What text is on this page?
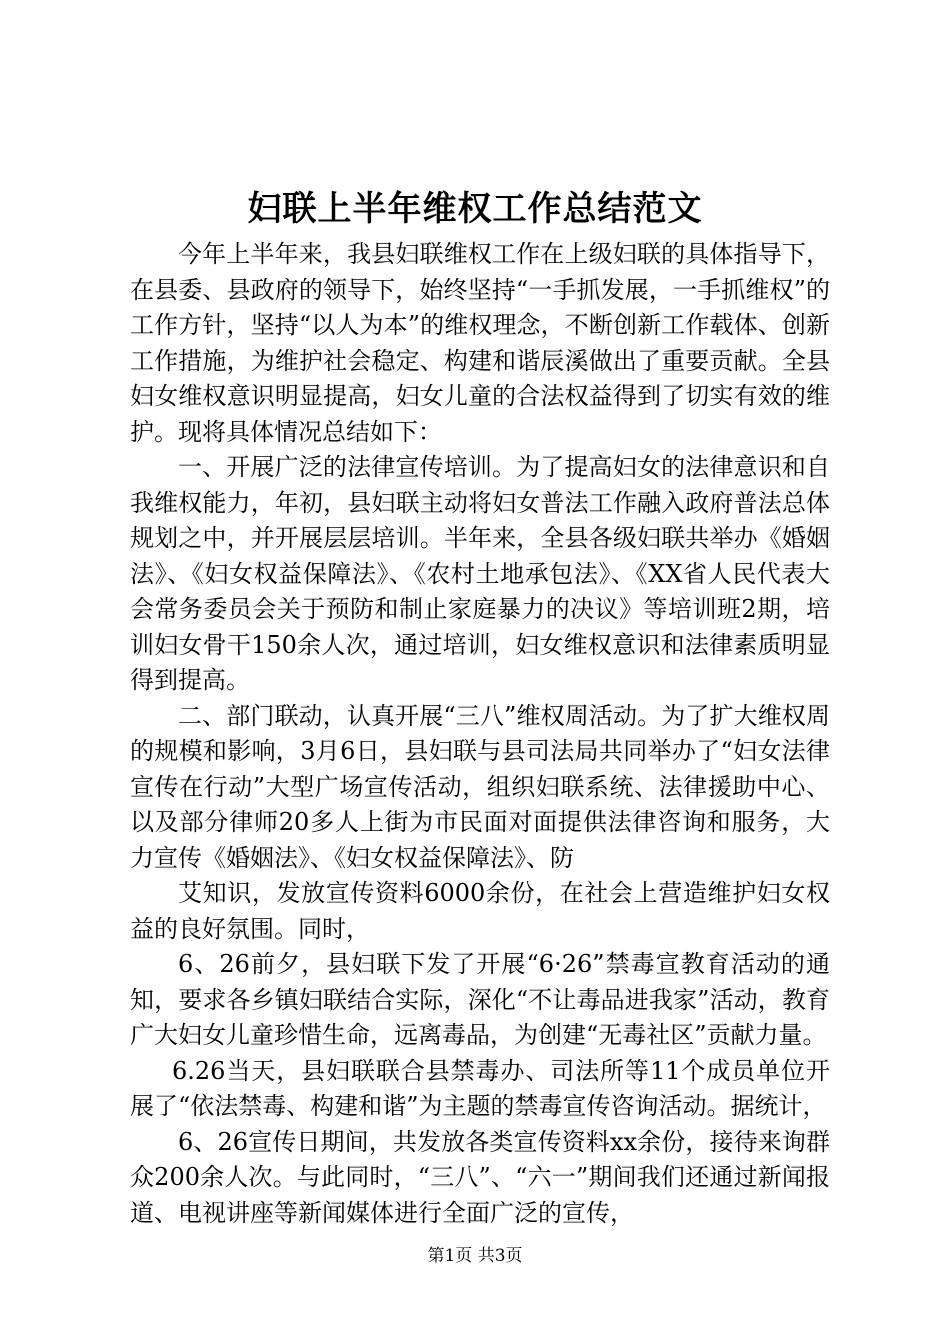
妇联上半年维权工作总结范文

今年上半年来，我县妇联维权工作在上级妇联的具体指导下，在县委、县政府的领导下，始终坚持“一手抓发展，一手抓维权”的工作方针，坚持“以人为本”的维权理念，不断创新工作载体、创新工作措施，为维护社会稳定、构建和谐辰溪做出了重要贡献。全县妇女维权意识明显提高，妇女儿童的合法权益得到了切实有效的维护。现将具体情况总结如下：

一、开展广泛的法律宣传培训。为了提高妇女的法律意识和自我维权能力，年初，县妇联主动将妇女普法工作融入政府普法总体规划之中，并开展层层培训。半年来，全县各级妇联共举办《婚姻法》、《妇女权益保障法》、《农村土地承包法》、《XX省人民代表大会常务委员会关于预防和制止家庭暴力的决议》等培训班2期，培训妇女骨干150余人次，通过培训，妇女维权意识和法律素质明显得到提高。

二、部门联动，认真开展“三八”维权周活动。为了扩大维权周的规模和影响，3月6日，县妇联与县司法局共同举办了“妇女法律宣传在行动”大型广场宣传活动，组织妇联系统、法律援助中心、以及部分律师20多人上街为市民面对面提供法律咨询和服务，大力宣传《婚姻法》、《妇女权益保障法》、防

艾知识，发放宣传资料6000余份，在社会上营造维护妇女权益的良好氛围。同时，

6、26前夕，县妇联下发了开展“6·26”禁毒宣教育活动的通知，要求各乡镇妇联结合实际，深化“不让毒品进我家”活动，教育广大妇女儿童珍惜生命，远离毒品，为创建“无毒社区”贡献力量。

6.26当天，县妇联联合县禁毒办、司法所等11个成员单位开展了“依法禁毒、构建和谐”为主题的禁毒宣传咨询活动。据统计，

6、26宣传日期间，共发放各类宣传资料xx余份，接待来询群众200余人次。与此同时，“三八”、“六一”期间我们还通过新闻报道、电视讲座等新闻媒体进行全面广泛的宣传，

第1页 共3页
